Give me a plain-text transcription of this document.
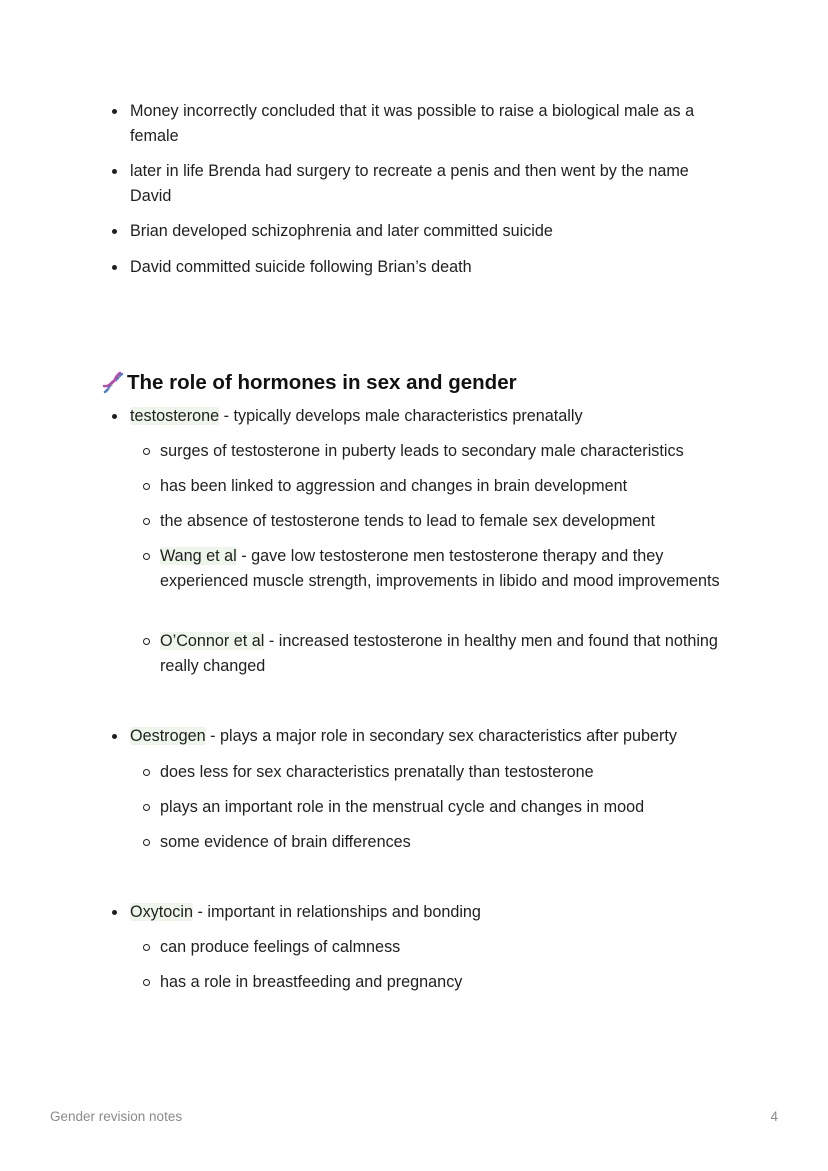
Money incorrectly concluded that it was possible to raise a biological male as a female
later in life Brenda had surgery to recreate a penis and then went by the name David
Brian developed schizophrenia and later committed suicide
David committed suicide following Brian’s death
The role of hormones in sex and gender
testosterone - typically develops male characteristics prenatally
surges of testosterone in puberty leads to secondary male characteristics
has been linked to aggression and changes in brain development
the absence of testosterone tends to lead to female sex development
Wang et al - gave low testosterone men testosterone therapy and they experienced muscle strength, improvements in libido and mood improvements
O’Connor et al - increased testosterone in healthy men and found that nothing really changed
Oestrogen - plays a major role in secondary sex characteristics after puberty
does less for sex characteristics prenatally than testosterone
plays an important role in the menstrual cycle and changes in mood
some evidence of brain differences
Oxytocin - important in relationships and bonding
can produce feelings of calmness
has a role in breastfeeding and pregnancy
Gender revision notes	4
